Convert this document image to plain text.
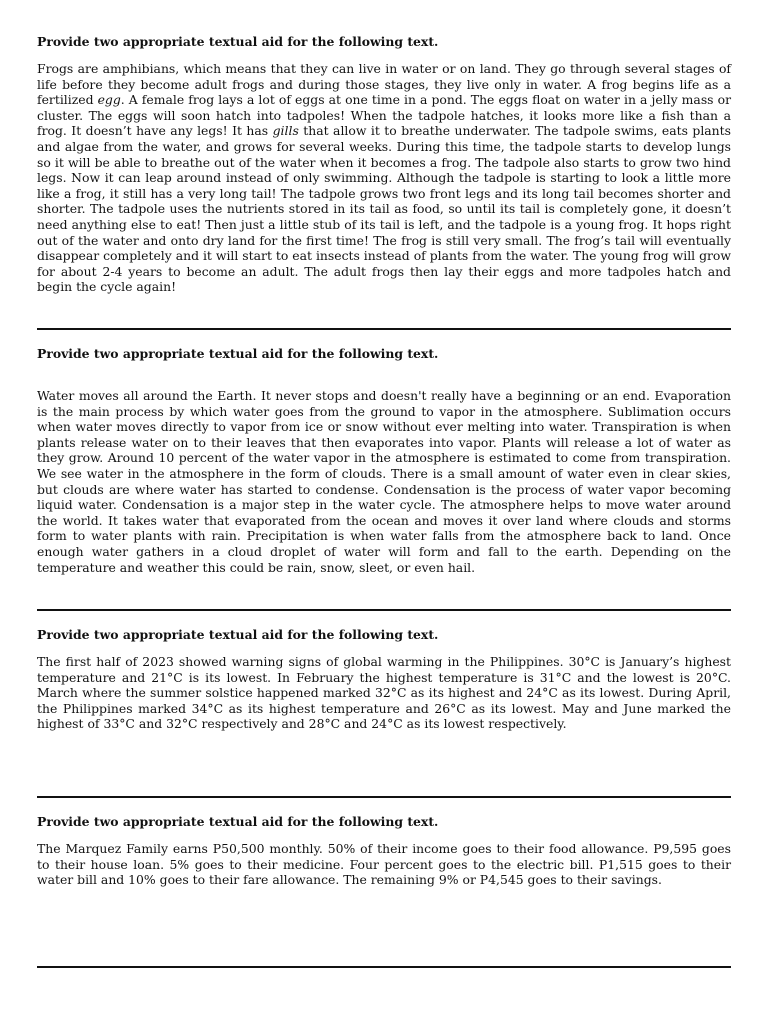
Provide two appropriate textual aid for the following text.

Frogs are amphibians, which means that they can live in water or on land. They go through several stages of life before they become adult frogs and during those stages, they live only in water. A frog begins life as a fertilized egg. A female frog lays a lot of eggs at one time in a pond. The eggs float on water in a jelly mass or cluster. The eggs will soon hatch into tadpoles! When the tadpole hatches, it looks more like a fish than a frog. It doesn’t have any legs! It has gills that allow it to breathe underwater. The tadpole swims, eats plants and algae from the water, and grows for several weeks. During this time, the tadpole starts to develop lungs so it will be able to breathe out of the water when it becomes a frog. The tadpole also starts to grow two hind legs. Now it can leap around instead of only swimming. Although the tadpole is starting to look a little more like a frog, it still has a very long tail! The tadpole grows two front legs and its long tail becomes shorter and shorter. The tadpole uses the nutrients stored in its tail as food, so until its tail is completely gone, it doesn’t need anything else to eat! Then just a little stub of its tail is left, and the tadpole is a young frog. It hops right out of the water and onto dry land for the first time! The frog is still very small. The frog’s tail will eventually disappear completely and it will start to eat insects instead of plants from the water. The young frog will grow for about 2-4 years to become an adult. The adult frogs then lay their eggs and more tadpoles hatch and begin the cycle again!

Provide two appropriate textual aid for the following text.

Water moves all around the Earth. It never stops and doesn't really have a beginning or an end. Evaporation is the main process by which water goes from the ground to vapor in the atmosphere. Sublimation occurs when water moves directly to vapor from ice or snow without ever melting into water. Transpiration is when plants release water on to their leaves that then evaporates into vapor. Plants will release a lot of water as they grow. Around 10 percent of the water vapor in the atmosphere is estimated to come from transpiration. We see water in the atmosphere in the form of clouds. There is a small amount of water even in clear skies, but clouds are where water has started to condense. Condensation is the process of water vapor becoming liquid water. Condensation is a major step in the water cycle. The atmosphere helps to move water around the world. It takes water that evaporated from the ocean and moves it over land where clouds and storms form to water plants with rain. Precipitation is when water falls from the atmosphere back to land. Once enough water gathers in a cloud droplet of water will form and fall to the earth. Depending on the temperature and weather this could be rain, snow, sleet, or even hail.

Provide two appropriate textual aid for the following text.

The first half of 2023 showed warning signs of global warming in the Philippines. 30°C is January’s highest temperature and 21°C is its lowest. In February the highest temperature is 31°C and the lowest is 20°C. March where the summer solstice happened marked 32°C as its highest and 24°C as its lowest. During April, the Philippines marked 34°C as its highest temperature and 26°C as its lowest. May and June marked the highest of 33°C and 32°C respectively and 28°C and 24°C as its lowest respectively.

Provide two appropriate textual aid for the following text.

The Marquez Family earns P50,500 monthly. 50% of their income goes to their food allowance. P9,595 goes to their house loan. 5% goes to their medicine. Four percent goes to the electric bill. P1,515 goes to their water bill and 10% goes to their fare allowance. The remaining 9% or P4,545 goes to their savings.
